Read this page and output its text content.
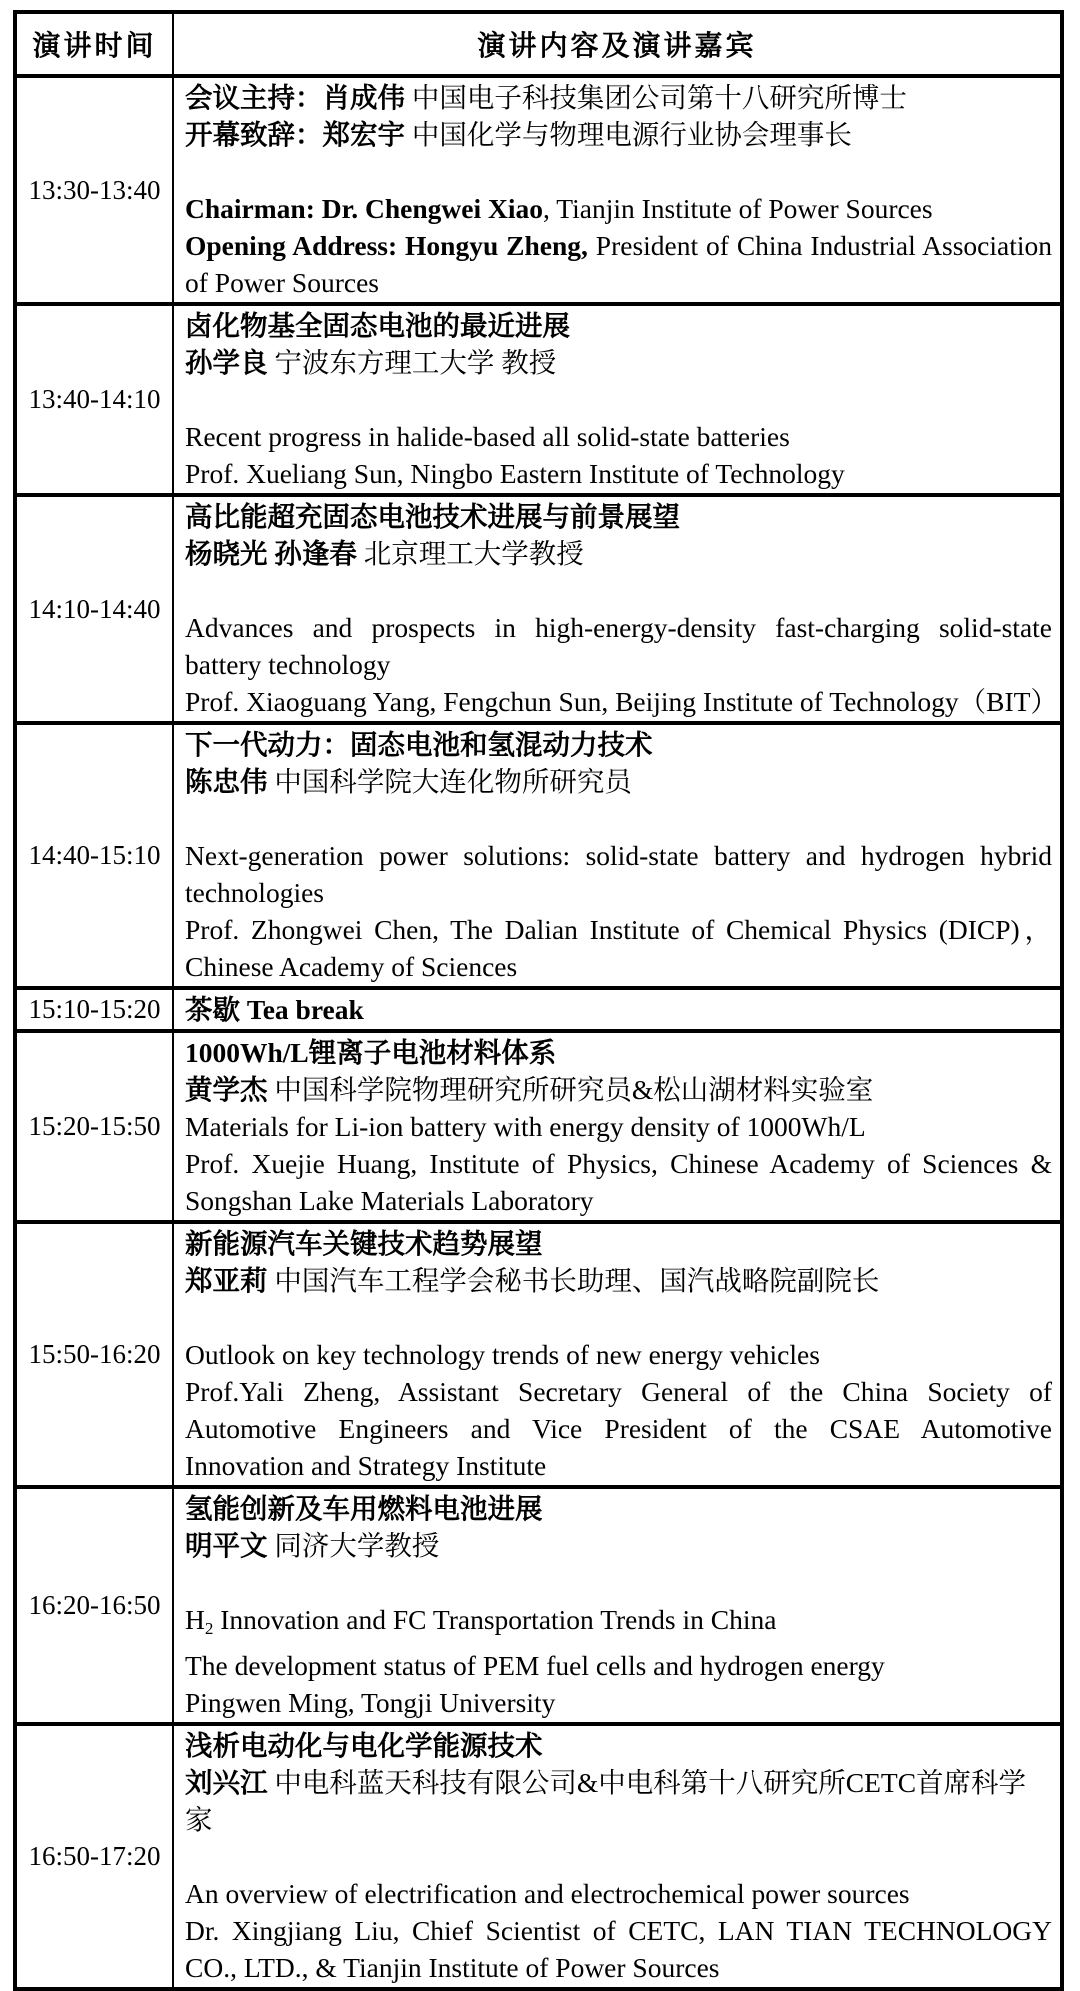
演讲时间	演讲内容及演讲嘉宾
13:30-13:40	会议主持：肖成伟 中国电子科技集团公司第十八研究所博士
开幕致辞：郑宏宇 中国化学与物理电源行业协会理事长
Chairman: Dr. Chengwei Xiao, Tianjin Institute of Power Sources
Opening Address: Hongyu Zheng, President of China Industrial Association of Power Sources

13:40-14:10	卤化物基全固态电池的最近进展
孙学良 宁波东方理工大学 教授
Recent progress in halide-based all solid-state batteries
Prof. Xueliang Sun, Ningbo Eastern Institute of Technology

14:10-14:40	高比能超充固态电池技术进展与前景展望
杨晓光 孙逢春 北京理工大学教授
Advances and prospects in high-energy-density fast-charging solid-state battery technology
Prof. Xiaoguang Yang, Fengchun Sun, Beijing Institute of Technology（BIT）

14:40-15:10	下一代动力：固态电池和氢混动力技术
陈忠伟 中国科学院大连化物所研究员
Next-generation power solutions: solid-state battery and hydrogen hybrid technologies
Prof. Zhongwei Chen, The Dalian Institute of Chemical Physics (DICP)， Chinese Academy of Sciences

15:10-15:20	茶歇 Tea break

15:20-15:50	1000Wh/L锂离子电池材料体系
黄学杰 中国科学院物理研究所研究员&松山湖材料实验室
Materials for Li-ion battery with energy density of 1000Wh/L
Prof. Xuejie Huang, Institute of Physics, Chinese Academy of Sciences & Songshan Lake Materials Laboratory

15:50-16:20	新能源汽车关键技术趋势展望
郑亚莉 中国汽车工程学会秘书长助理、国汽战略院副院长
Outlook on key technology trends of new energy vehicles
Prof.Yali Zheng, Assistant Secretary General of the China Society of Automotive Engineers and Vice President of the CSAE Automotive Innovation and Strategy Institute

16:20-16:50	氢能创新及车用燃料电池进展
明平文 同济大学教授
H2 Innovation and FC Transportation Trends in China
The development status of PEM fuel cells and hydrogen energy
Pingwen Ming, Tongji University

16:50-17:20	浅析电动化与电化学能源技术
刘兴江 中电科蓝天科技有限公司&中电科第十八研究所CETC首席科学家
An overview of electrification and electrochemical power sources
Dr. Xingjiang Liu, Chief Scientist of CETC, LAN TIAN TECHNOLOGY CO., LTD., & Tianjin Institute of Power Sources
